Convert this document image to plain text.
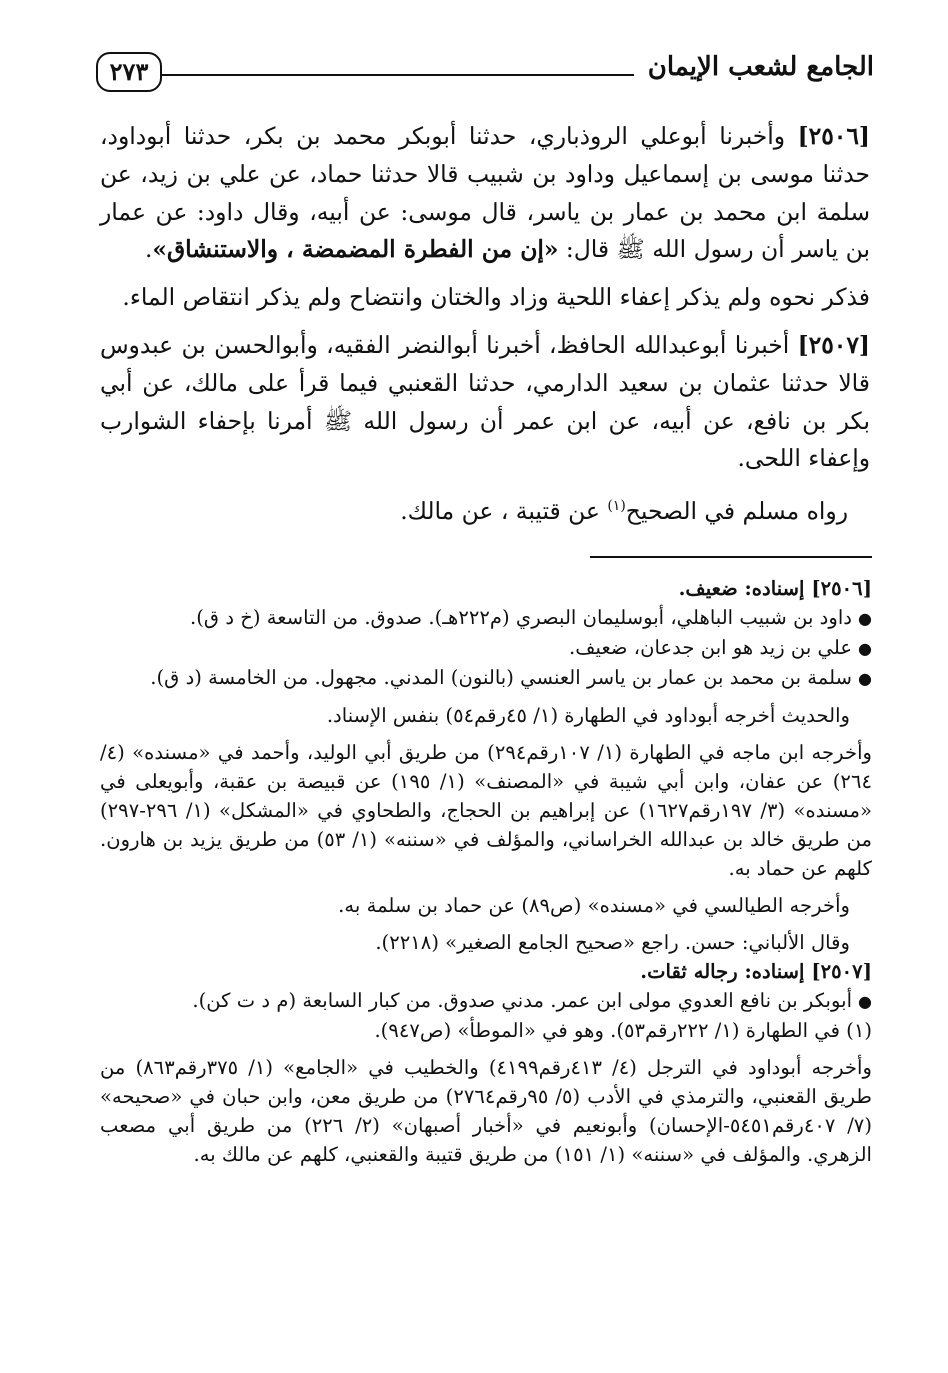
الجامع لشعب الإيمان
٢٧٣

[٢٥٠٦] وأخبرنا أبوعلي الروذباري، حدثنا أبوبكر محمد بن بكر، حدثنا أبوداود، حدثنا موسى بن إسماعيل وداود بن شبيب قالا حدثنا حماد، عن علي بن زيد، عن سلمة ابن محمد بن عمار بن ياسر، قال موسى: عن أبيه، وقال داود: عن عمار بن ياسر أن رسول الله ﷺ قال: «إن من الفطرة المضمضة ، والاستنشاق».

فذكر نحوه ولم يذكر إعفاء اللحية وزاد والختان وانتضاح ولم يذكر انتقاص الماء.

[٢٥٠٧] أخبرنا أبوعبدالله الحافظ، أخبرنا أبوالنضر الفقيه، وأبوالحسن بن عبدوس قالا حدثنا عثمان بن سعيد الدارمي، حدثنا القعنبي فيما قرأ على مالك، عن أبي بكر بن نافع، عن أبيه، عن ابن عمر أن رسول الله ﷺ أمرنا بإحفاء الشوارب وإعفاء اللحى.

رواه مسلم في الصحيح$^{(١)}$ عن قتيبة ، عن مالك.

[٢٥٠٦] إسناده: ضعيف.

●داود بن شبيب الباهلي، أبوسليمان البصري (م٢٢٢هـ). صدوق. من التاسعة (خ د ق).

●علي بن زيد هو ابن جدعان، ضعيف.

●سلمة بن محمد بن عمار بن ياسر العنسي (بالنون) المدني. مجهول. من الخامسة (د ق).

والحديث أخرجه أبوداود في الطهارة (١/ ٤٥رقم٥٤) بنفس الإسناد.

وأخرجه ابن ماجه في الطهارة (١/ ١٠٧رقم٢٩٤) من طريق أبي الوليد، وأحمد في «مسنده» (٤/ ٢٦٤) عن عفان، وابن أبي شيبة في «المصنف» (١/ ١٩٥) عن قبيصة بن عقبة، وأبويعلى في «مسنده» (٣/ ١٩٧رقم١٦٢٧) عن إبراهيم بن الحجاج، والطحاوي في «المشكل» (١/ ٢٩٦-٢٩٧) من طريق خالد بن عبدالله الخراساني، والمؤلف في «سننه» (١/ ٥٣) من طريق يزيد بن هارون. كلهم عن حماد به.

وأخرجه الطيالسي في «مسنده» (ص٨٩) عن حماد بن سلمة به.

وقال الألباني: حسن. راجع «صحيح الجامع الصغير» (٢٢١٨).

[٢٥٠٧] إسناده: رجاله ثقات.

●أبوبكر بن نافع العدوي مولى ابن عمر. مدني صدوق. من كبار السابعة (م د ت كن).

(١) في الطهارة (١/ ٢٢٢رقم٥٣). وهو في «الموطأ» (ص٩٤٧).

وأخرجه أبوداود في الترجل (٤/ ٤١٣رقم٤١٩٩) والخطيب في «الجامع» (١/ ٣٧٥رقم٨٦٣) من طريق القعنبي، والترمذي في الأدب (٥/ ٩٥رقم٢٧٦٤) من طريق معن، وابن حبان في «صحيحه» (٧/ ٤٠٧رقم٥٤٥١-الإحسان) وأبونعيم في «أخبار أصبهان» (٢/ ٢٢٦) من طريق أبي مصعب الزهري. والمؤلف في «سننه» (١/ ١٥١) من طريق قتيبة والقعنبي، كلهم عن مالك به.
